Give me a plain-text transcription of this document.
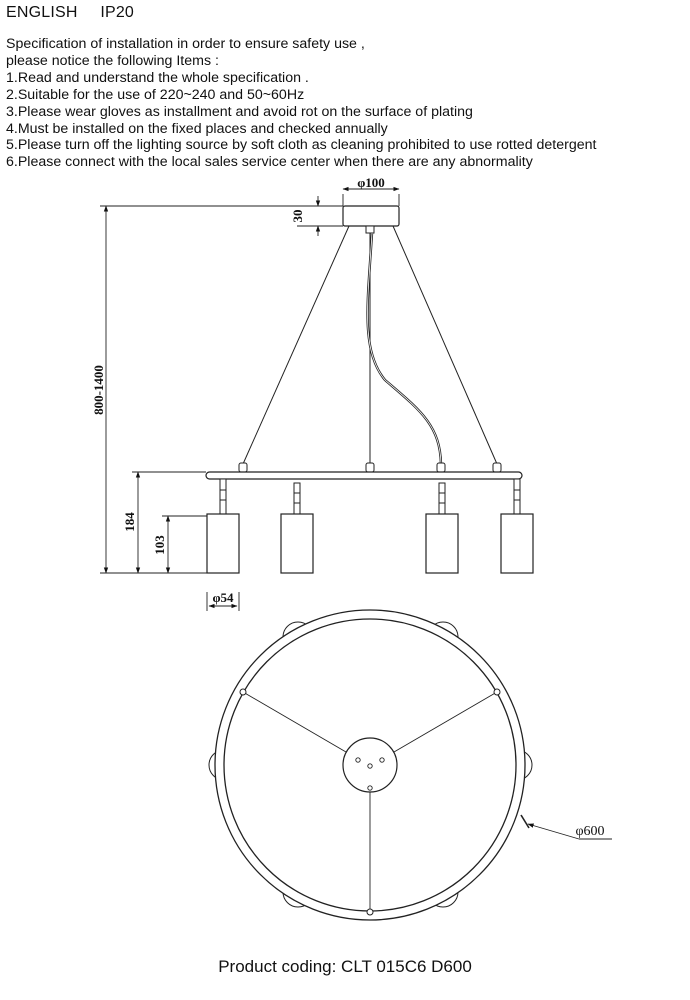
ENGLISH IP20
Specification of installation in order to ensure safety use ,
please notice the following Items :
1.Read and understand the whole specification .
2.Suitable for the use of 220~240 and 50~60Hz
3.Please wear gloves as installment and avoid rot on the surface of plating
4.Must be installed on the fixed places and checked annually
5.Please turn off the lighting source by soft cloth as cleaning prohibited to use rotted detergent
6.Please connect with the local sales service center when there are any abnormality
φ100
30
800-1400
184
103
φ54
φ600
Product coding: CLT 015C6 D600
